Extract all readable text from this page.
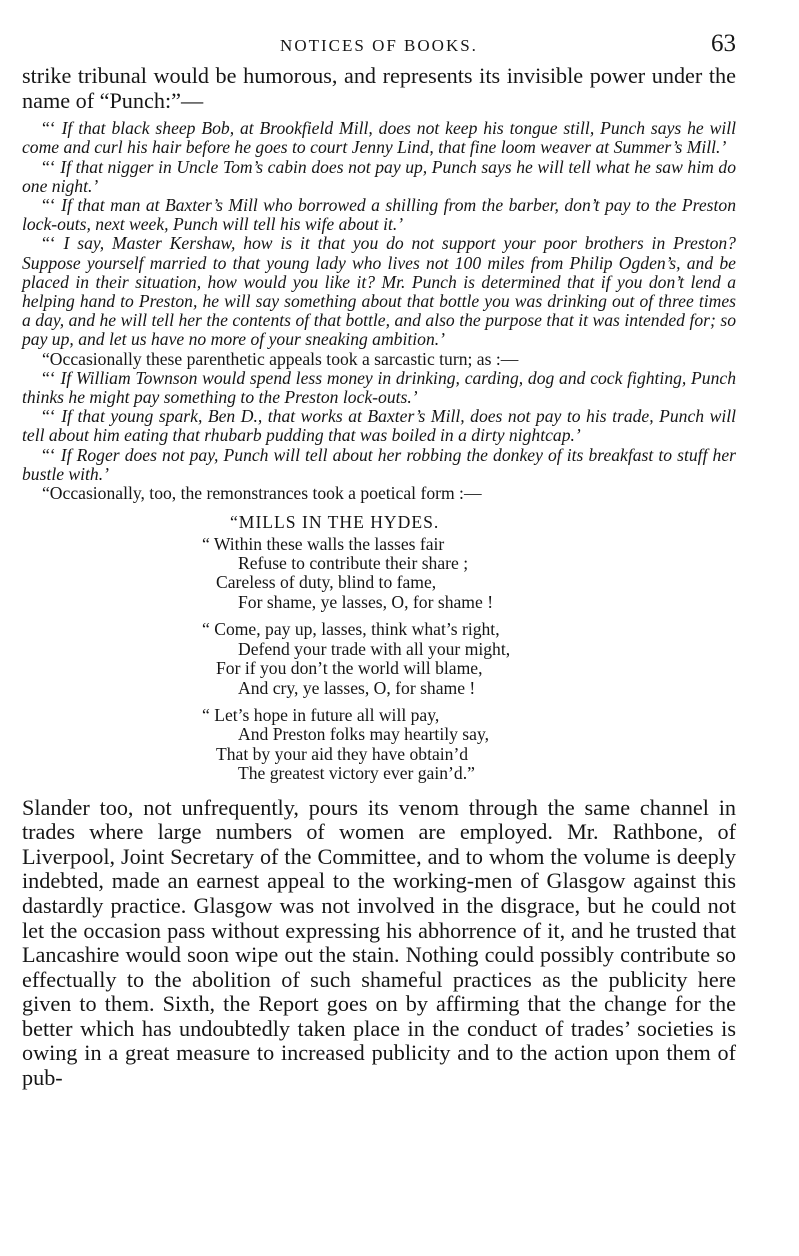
NOTICES OF BOOKS.	63

strike tribunal would be humorous, and represents its invisible power under the name of “Punch:”—

“‘ If that black sheep Bob, at Brookfield Mill, does not keep his tongue still, Punch says he will come and curl his hair before he goes to court Jenny Lind, that fine loom weaver at Summer’s Mill.’

“‘ If that nigger in Uncle Tom’s cabin does not pay up, Punch says he will tell what he saw him do one night.’

“‘ If that man at Baxter’s Mill who borrowed a shilling from the barber, don’t pay to the Preston lock-outs, next week, Punch will tell his wife about it.’

“‘ I say, Master Kershaw, how is it that you do not support your poor brothers in Preston? Suppose yourself married to that young lady who lives not 100 miles from Philip Ogden’s, and be placed in their situation, how would you like it? Mr. Punch is determined that if you don’t lend a helping hand to Preston, he will say something about that bottle you was drinking out of three times a day, and he will tell her the contents of that bottle, and also the purpose that it was intended for; so pay up, and let us have no more of your sneaking ambition.’

“Occasionally these parenthetic appeals took a sarcastic turn; as :—

“‘ If William Townson would spend less money in drinking, carding, dog and cock fighting, Punch thinks he might pay something to the Preston lock-outs.’

“‘ If that young spark, Ben D., that works at Baxter’s Mill, does not pay to his trade, Punch will tell about him eating that rhubarb pudding that was boiled in a dirty nightcap.’

“‘ If Roger does not pay, Punch will tell about her robbing the donkey of its breakfast to stuff her bustle with.’

“Occasionally, too, the remonstrances took a poetical form :—

“MILLS IN THE HYDES.
“ Within these walls the lasses fair
Refuse to contribute their share ;
Careless of duty, blind to fame,
For shame, ye lasses, O, for shame !
“ Come, pay up, lasses, think what’s right,
Defend your trade with all your might,
For if you don’t the world will blame,
And cry, ye lasses, O, for shame !
“ Let’s hope in future all will pay,
And Preston folks may heartily say,
That by your aid they have obtain’d
The greatest victory ever gain’d.”

Slander too, not unfrequently, pours its venom through the same channel in trades where large numbers of women are employed. Mr. Rathbone, of Liverpool, Joint Secretary of the Committee, and to whom the volume is deeply indebted, made an earnest appeal to the working-men of Glasgow against this dastardly practice. Glasgow was not involved in the disgrace, but he could not let the occasion pass without expressing his abhorrence of it, and he trusted that Lancashire would soon wipe out the stain. Nothing could possibly contribute so effectually to the abolition of such shameful practices as the publicity here given to them. Sixth, the Report goes on by affirming that the change for the better which has undoubtedly taken place in the conduct of trades’ societies is owing in a great measure to increased publicity and to the action upon them of pub-
